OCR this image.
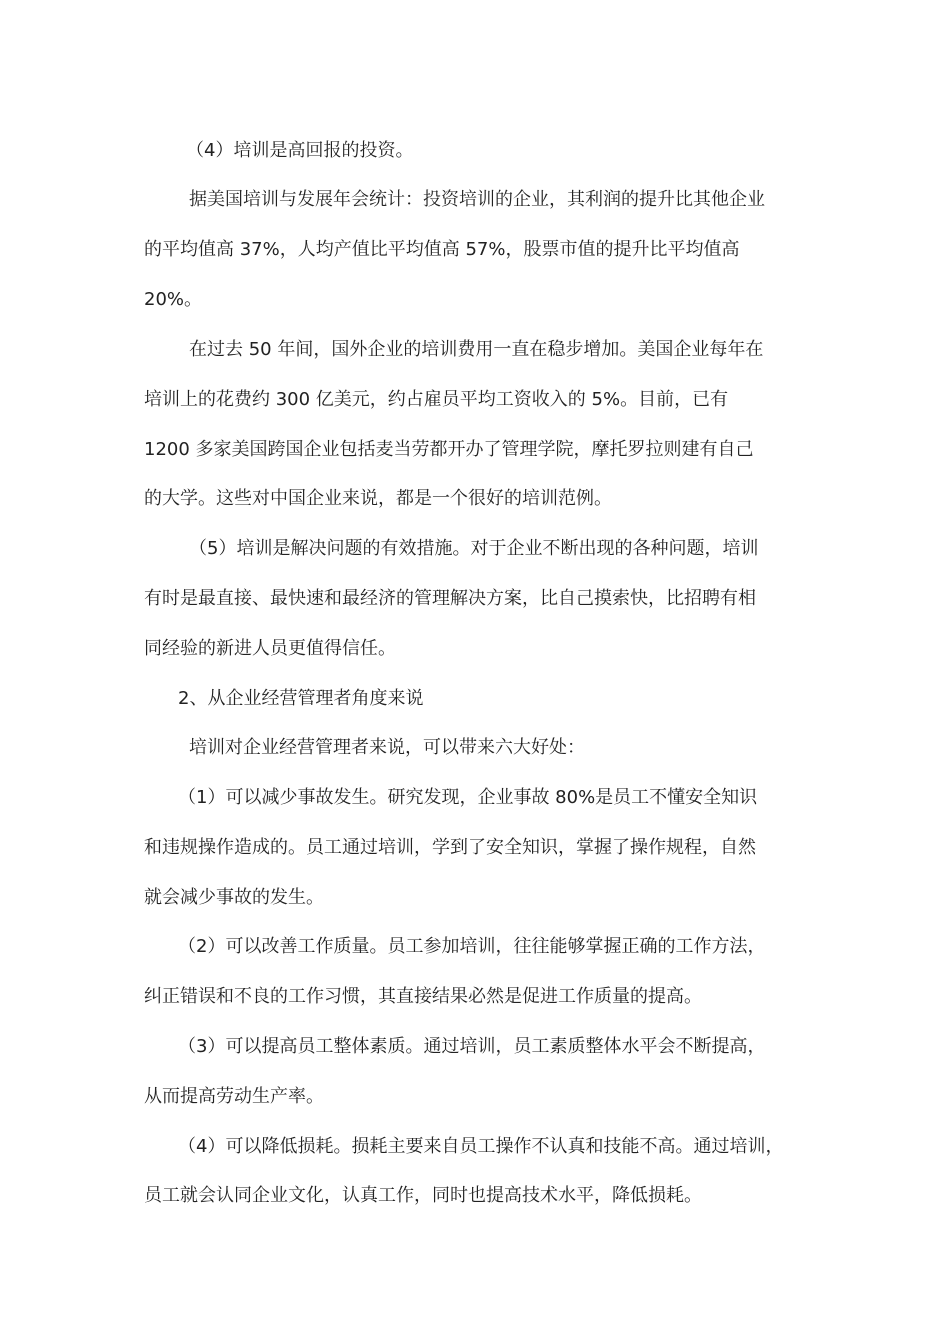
（4）培训是高回报的投资。
据美国培训与发展年会统计：投资培训的企业，其利润的提升比其他企业
的平均值高 37%，人均产值比平均值高 57%，股票市值的提升比平均值高
20%。
在过去 50 年间，国外企业的培训费用一直在稳步增加。美国企业每年在
培训上的花费约 300 亿美元，约占雇员平均工资收入的 5%。目前，已有
1200 多家美国跨国企业包括麦当劳都开办了管理学院，摩托罗拉则建有自己
的大学。这些对中国企业来说，都是一个很好的培训范例。
（5）培训是解决问题的有效措施。对于企业不断出现的各种问题，培训
有时是最直接、最快速和最经济的管理解决方案，比自己摸索快，比招聘有相
同经验的新进人员更值得信任。
2、从企业经营管理者角度来说
培训对企业经营管理者来说，可以带来六大好处：
（1）可以减少事故发生。研究发现，企业事故 80%是员工不懂安全知识
和违规操作造成的。员工通过培训，学到了安全知识，掌握了操作规程，自然
就会减少事故的发生。
（2）可以改善工作质量。员工参加培训，往往能够掌握正确的工作方法，
纠正错误和不良的工作习惯，其直接结果必然是促进工作质量的提高。
（3）可以提高员工整体素质。通过培训，员工素质整体水平会不断提高，
从而提高劳动生产率。
（4）可以降低损耗。损耗主要来自员工操作不认真和技能不高。通过培训，
员工就会认同企业文化，认真工作，同时也提高技术水平，降低损耗。
